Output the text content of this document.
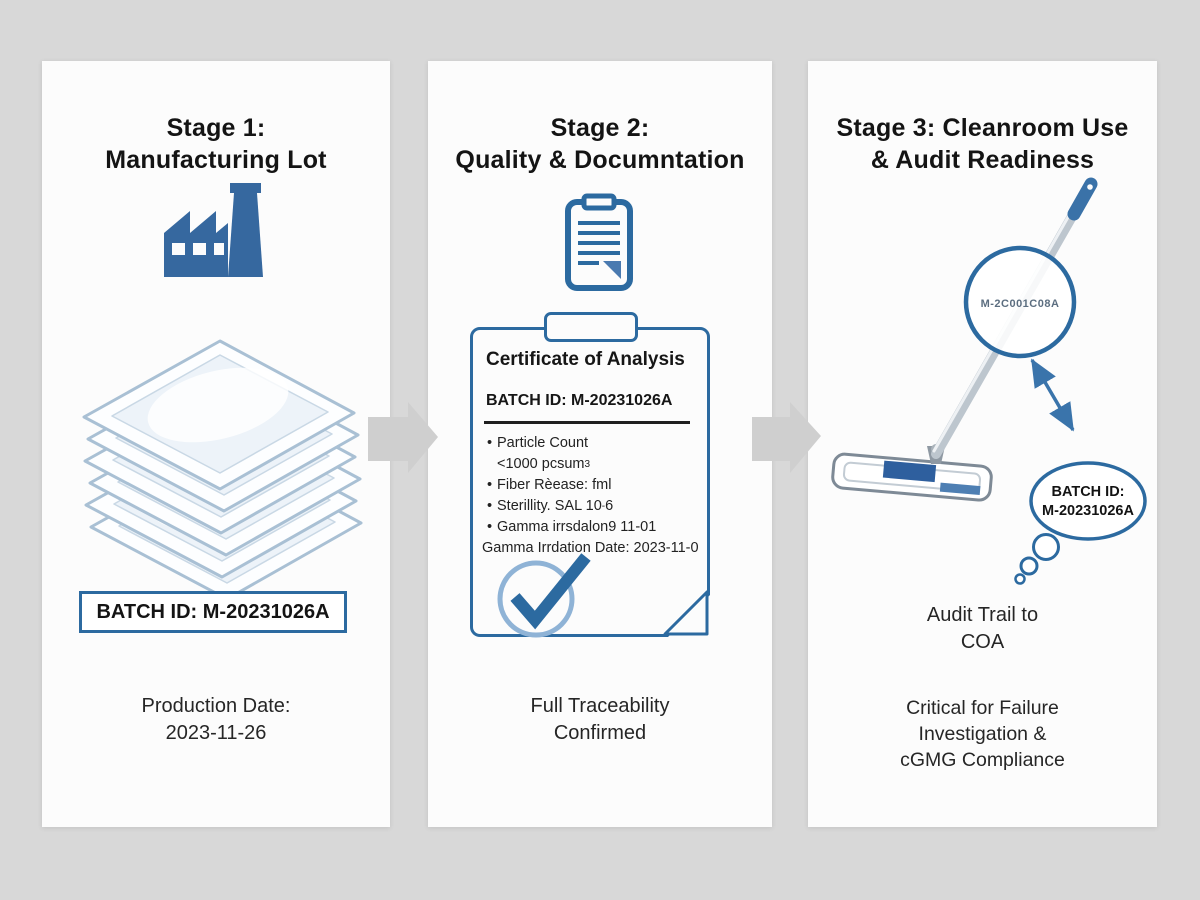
Stage 1:
Manufacturing Lot
BATCH ID: M-20231026A
Production Date:
2023-11-26
Stage 2:
Quality & Documntation
Certificate of Analysis
BATCH ID: M-20231026A
• Particle Count
<1000 pcsum 3
• Fiber Rèease: fml
• Sterillity. SAL 10 - 6
• Gamma irrsdalon9 11-01
Gamma Irrdation Date: 2023-11-0
Full Traceability
Confirmed
Stage 3: Cleanroom Use
& Audit Readiness
M-2C001C08A
BATCH ID:
M-20231026A
Audit Trail to
COA
Critical for Failure
Investigation &
cGMG Compliance
